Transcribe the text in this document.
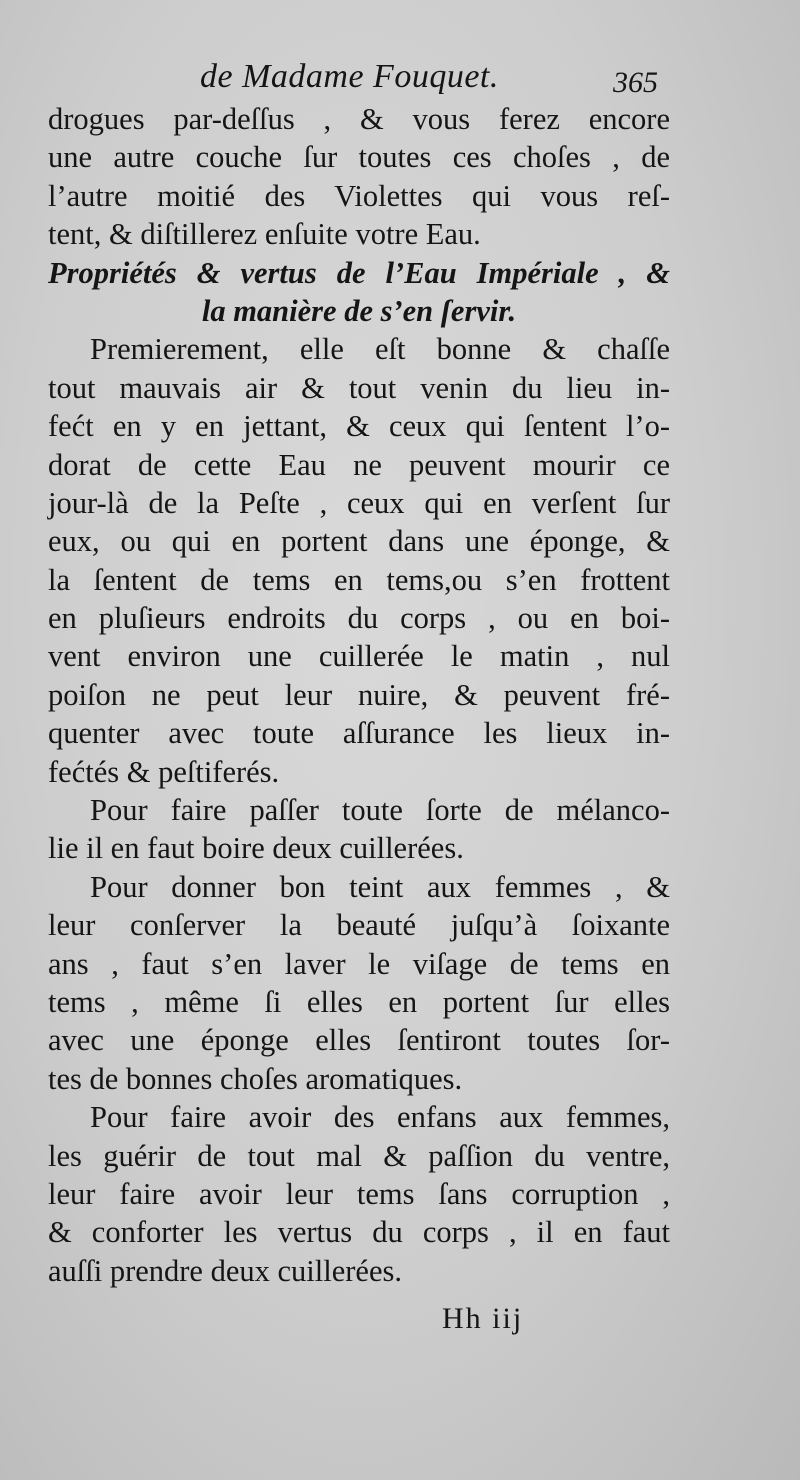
de Madame Fouquet.	365
drogues par-deſſus , & vous ferez encore
une autre couche ſur toutes ces choſes , de
l’autre moitié des Violettes qui vous reſ-
tent, & diſtillerez enſuite votre Eau.
Propriétés & vertus de l’Eau Impériale , &
la manière de s’en ſervir.
Premierement, elle eſt bonne & chaſſe
tout mauvais air & tout venin du lieu in-
fećt en y en jettant, & ceux qui ſentent l’o-
dorat de cette Eau ne peuvent mourir ce
jour-là de la Peſte , ceux qui en verſent ſur
eux, ou qui en portent dans une éponge, &
la ſentent de tems en tems,ou s’en frottent
en pluſieurs endroits du corps , ou en boi-
vent environ une cuillerée le matin , nul
poiſon ne peut leur nuire, & peuvent fré-
quenter avec toute aſſurance les lieux in-
fećtés & peſtiferés.
Pour faire paſſer toute ſorte de mélanco-
lie il en faut boire deux cuillerées.
Pour donner bon teint aux femmes , &
leur conſerver la beauté juſqu’à ſoixante
ans , faut s’en laver le viſage de tems en
tems , même ſi elles en portent ſur elles
avec une éponge elles ſentiront toutes ſor-
tes de bonnes choſes aromatiques.
Pour faire avoir des enfans aux femmes,
les guérir de tout mal & paſſion du ventre,
leur faire avoir leur tems ſans corruption ,
& conforter les vertus du corps , il en faut
auſſi prendre deux cuillerées.
Hh iij
